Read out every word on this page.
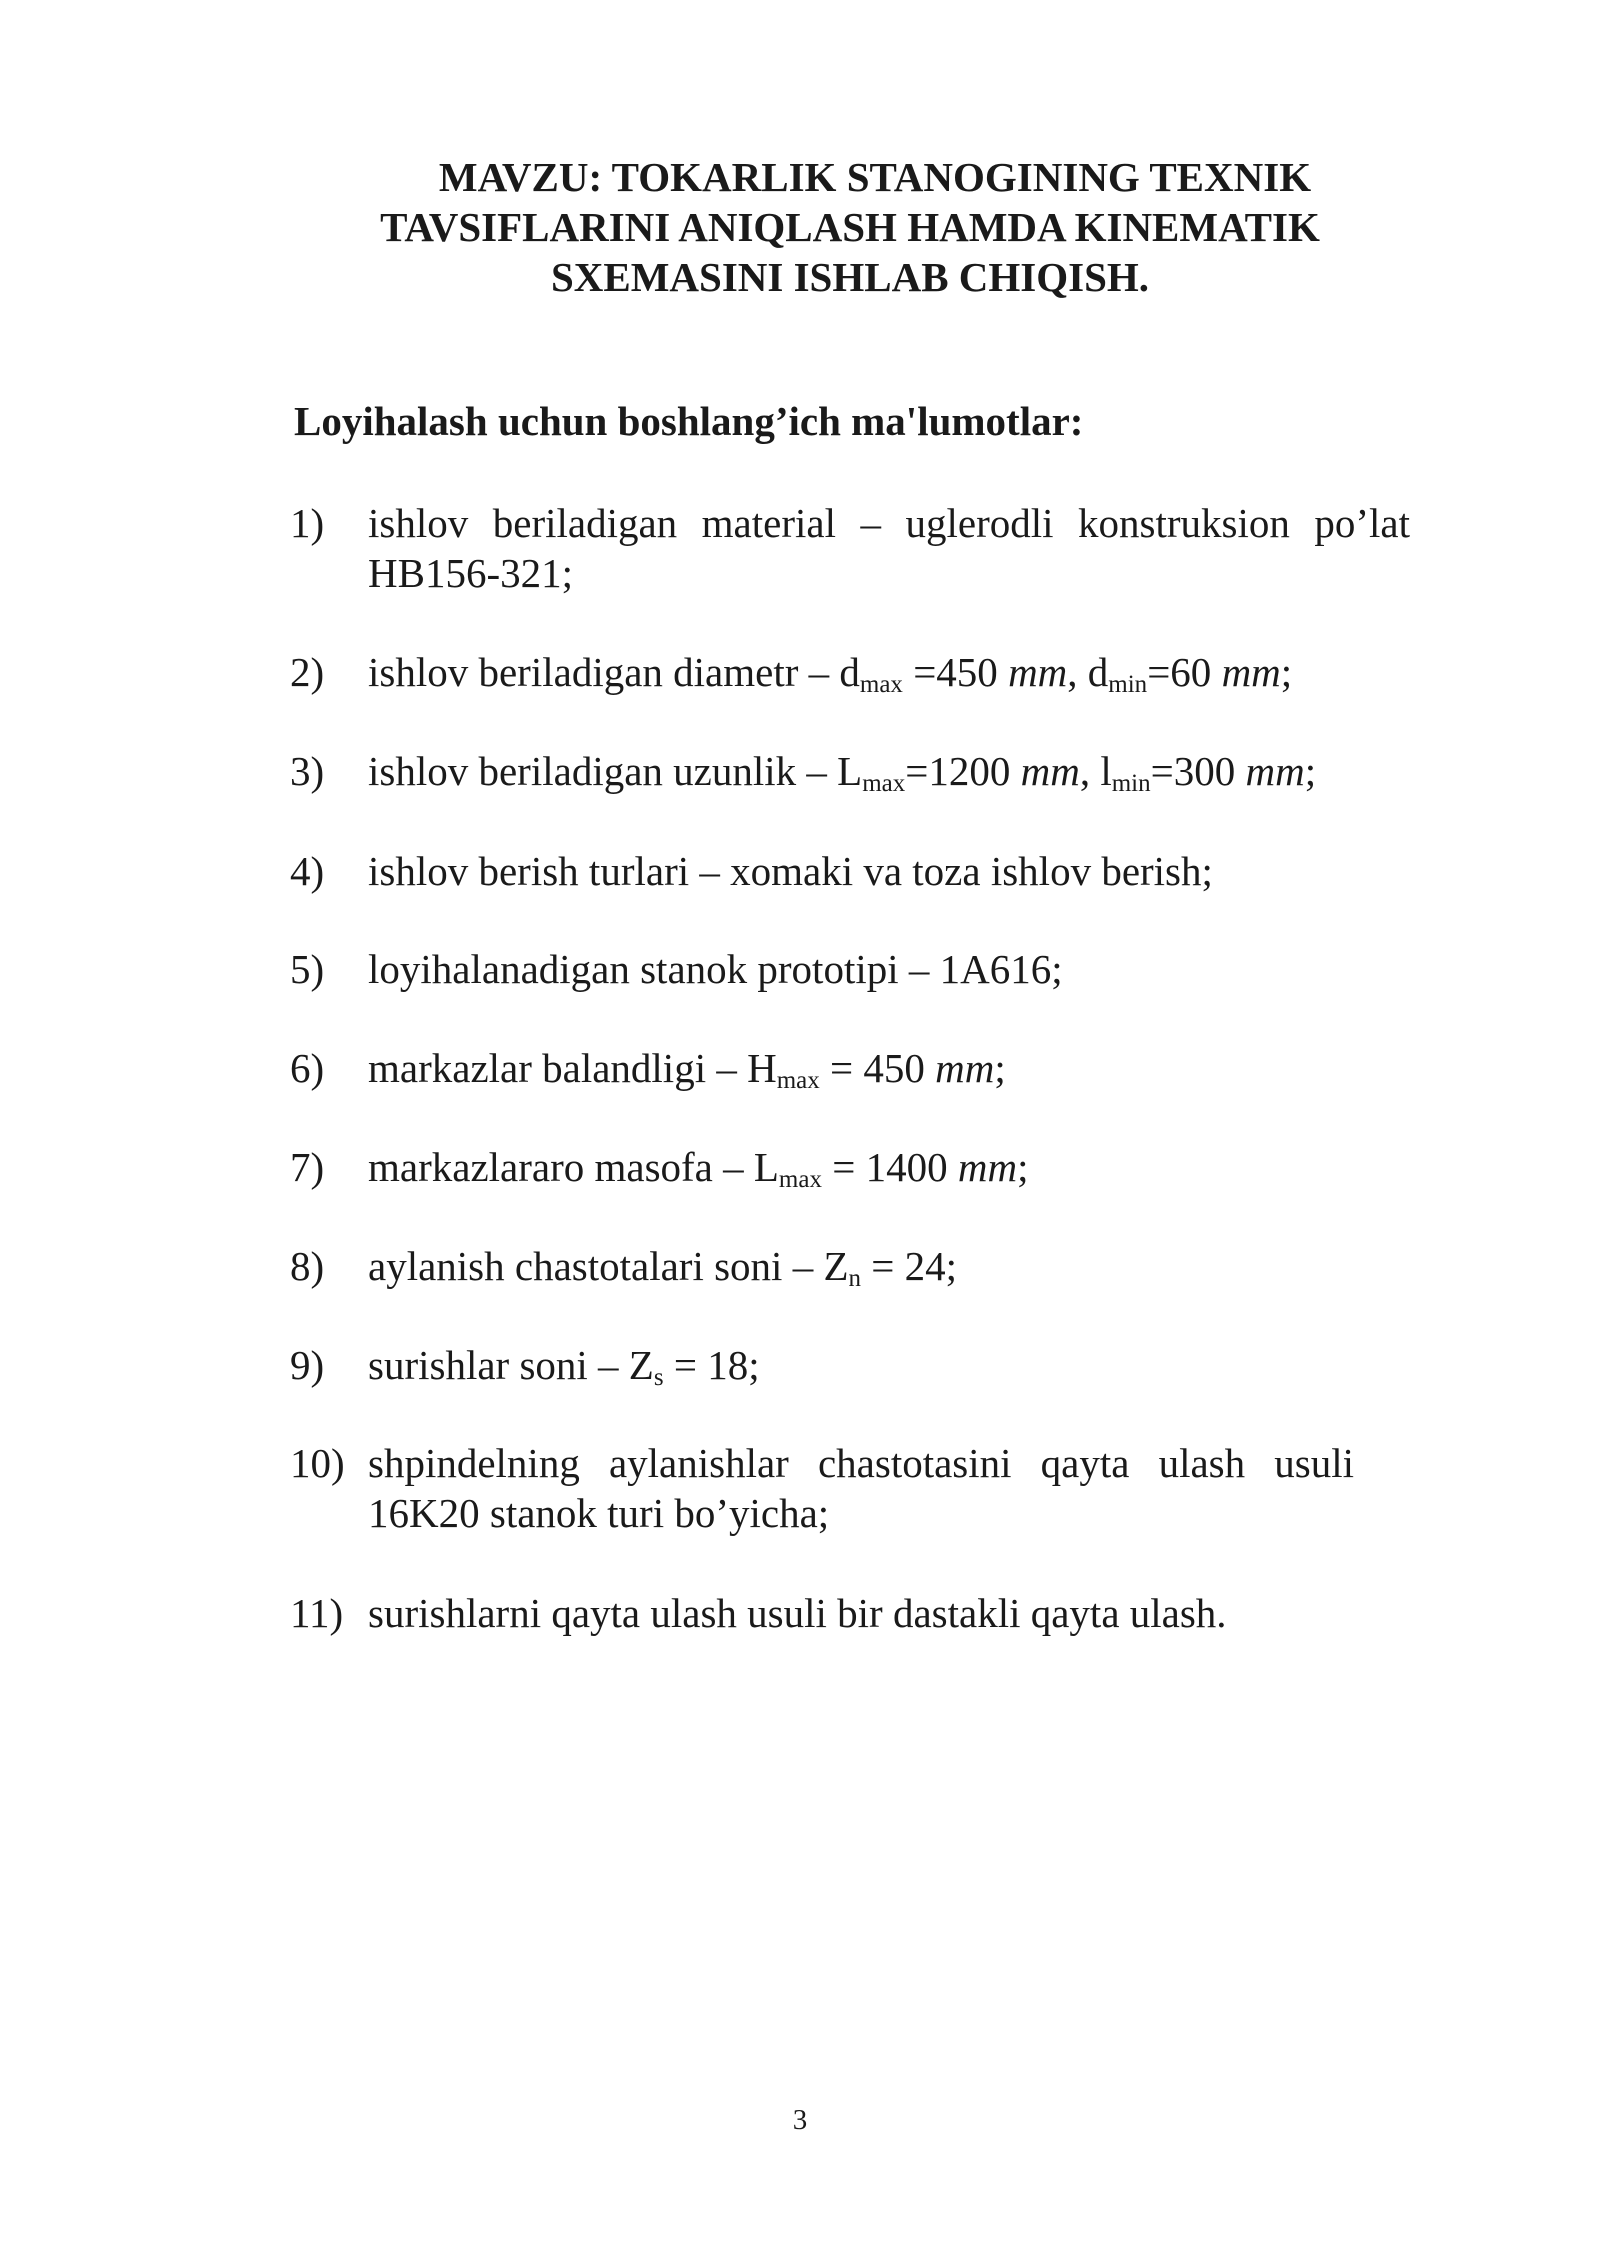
MAVZU: TOKARLIK STANOGINING TEXNIK
TAVSIFLARINI ANIQLASH HAMDA KINEMATIK
SXEMASINI ISHLAB CHIQISH.
Loyihalash uchun boshlang’ich ma'lumotlar:
1) ishlov beriladigan material – uglerodli konstruksion po’lat HB156-321;
2) ishlov beriladigan diametr – $d_{max} =450$ mm, $d_{min}=60$ mm;
3) ishlov beriladigan uzunlik – $L_{max}=1200$ mm, $l_{min}=300$ mm;
4) ishlov berish turlari – xomaki va toza ishlov berish;
5) loyihalanadigan stanok prototipi – 1A616;
6) markazlar balandligi – $H_{max} = 450$ mm;
7) markazlararo masofa – $L_{max} = 1400$ mm;
8) aylanish chastotalari soni – $Z_n = 24$;
9) surishlar soni – $Z_s = 18$;
10) shpindelning aylanishlar chastotasini qayta ulash usuli 16K20 stanok turi bo’yicha;
11) surishlarni qayta ulash usuli bir dastakli qayta ulash.
3
